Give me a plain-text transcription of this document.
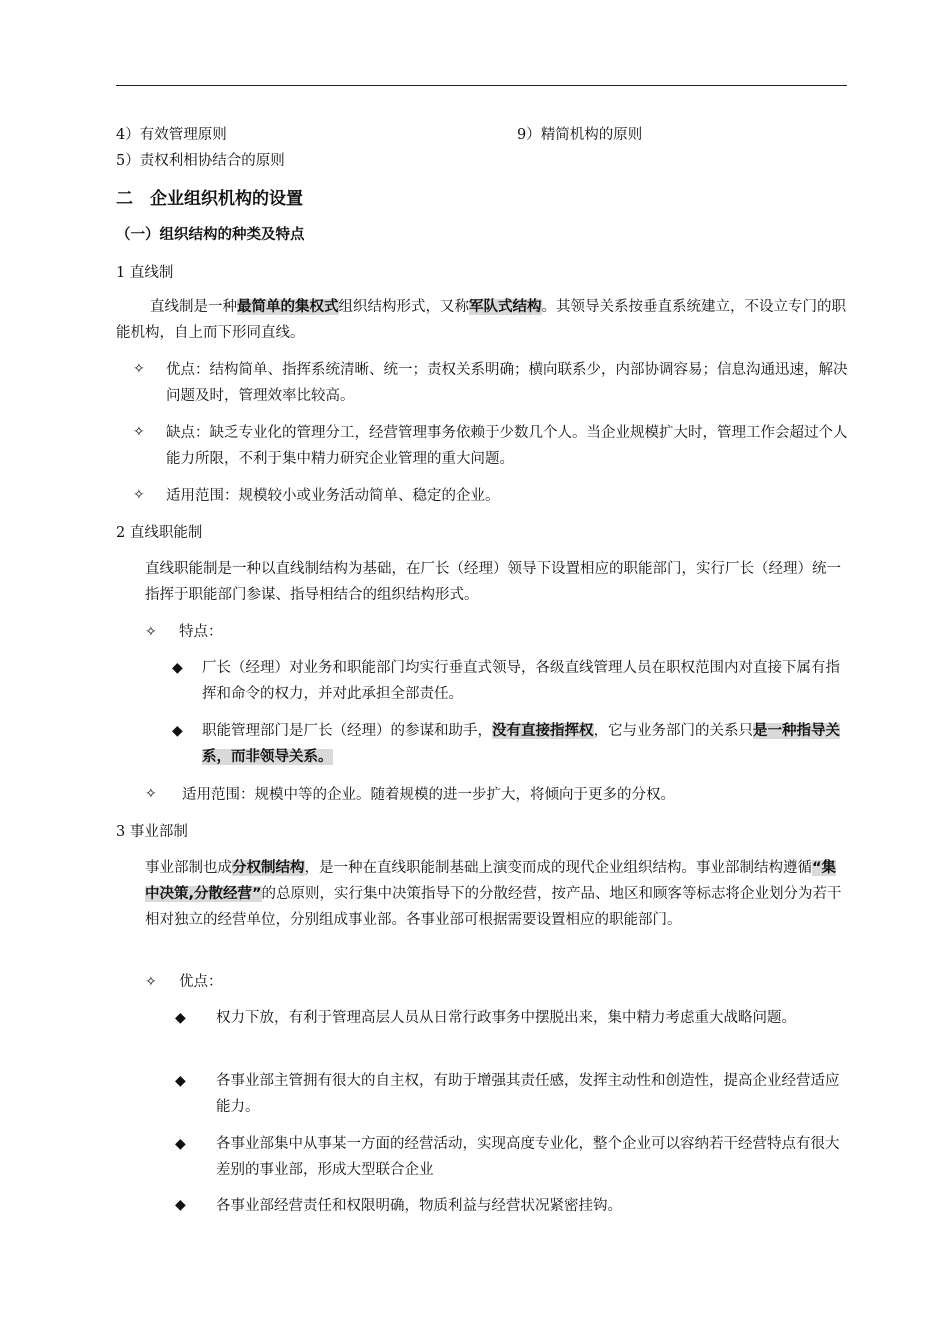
4）有效管理原则	9）精简机构的原则
5）责权利相协结合的原则
二　企业组织机构的设置
（一）组织结构的种类及特点
1 直线制
直线制是一种最简单的集权式组织结构形式，又称军队式结构。其领导关系按垂直系统建立，不设立专门的职能机构，自上而下形同直线。
✧ 优点：结构简单、指挥系统清晰、统一；责权关系明确；横向联系少，内部协调容易；信息沟通迅速，解决问题及时，管理效率比较高。
✧ 缺点：缺乏专业化的管理分工，经营管理事务依赖于少数几个人。当企业规模扩大时，管理工作会超过个人能力所限，不利于集中精力研究企业管理的重大问题。
✧ 适用范围：规模较小或业务活动简单、稳定的企业。
2 直线职能制
直线职能制是一种以直线制结构为基础，在厂长（经理）领导下设置相应的职能部门，实行厂长（经理）统一指挥于职能部门参谋、指导相结合的组织结构形式。
✧ 特点：
◆ 厂长（经理）对业务和职能部门均实行垂直式领导，各级直线管理人员在职权范围内对直接下属有指挥和命令的权力，并对此承担全部责任。
◆ 职能管理部门是厂长（经理）的参谋和助手，没有直接指挥权，它与业务部门的关系只是一种指导关系，而非领导关系。
✧ 适用范围：规模中等的企业。随着规模的进一步扩大，将倾向于更多的分权。
3 事业部制
事业部制也成分权制结构，是一种在直线职能制基础上演变而成的现代企业组织结构。事业部制结构遵循“集中决策,分散经营”的总原则，实行集中决策指导下的分散经营，按产品、地区和顾客等标志将企业划分为若干相对独立的经营单位，分别组成事业部。各事业部可根据需要设置相应的职能部门。
✧ 优点：
◆ 权力下放，有利于管理高层人员从日常行政事务中摆脱出来，集中精力考虑重大战略问题。
◆ 各事业部主管拥有很大的自主权，有助于增强其责任感，发挥主动性和创造性，提高企业经营适应能力。
◆ 各事业部集中从事某一方面的经营活动，实现高度专业化，整个企业可以容纳若干经营特点有很大差别的事业部，形成大型联合企业
◆ 各事业部经营责任和权限明确，物质利益与经营状况紧密挂钩。
